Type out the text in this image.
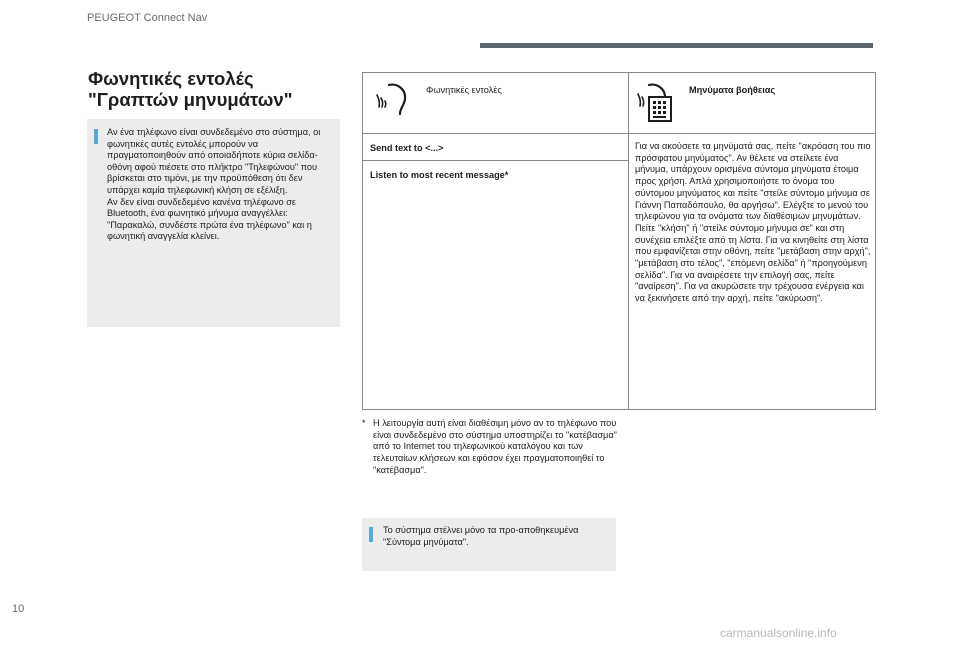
PEUGEOT Connect Nav
Φωνητικές εντολές "Γραπτών μηνυμάτων"
Αν ένα τηλέφωνο είναι συνδεδεμένο στο σύστημα, οι φωνητικές αυτές εντολές μπορούν να πραγματοποιηθούν από οποιαδήποτε κύρια σελίδα-οθόνη αφού πιέσετε στο πλήκτρο "Τηλεφώνου" που βρίσκεται στο τιμόνι, με την προϋπόθεση ότι δεν υπάρχει καμία τηλεφωνική κλήση σε εξέλιξη.
Αν δεν είναι συνδεδεμένο κανένα τηλέφωνο σε Bluetooth, ένα φωνητικό μήνυμα αναγγέλλει: "Παρακαλώ, συνδέστε πρώτα ένα τηλέφωνο" και η φωνητική αναγγελία κλείνει.
Φωνητικές εντολές	Μηνύματα βοήθειας
Send text to <...>
Listen to most recent message*
Για να ακούσετε τα μηνύματά σας, πείτε "ακρόαση του πιο πρόσφατου μηνύματος". Αν θέλετε να στείλετε ένα μήνυμα, υπάρχουν ορισμένα σύντομα μηνύματα έτοιμα προς χρήση. Απλά χρησιμοποιήστε το όνομα του σύντομου μηνύματος και πείτε "στείλε σύντομο μήνυμα σε Γιάννη Παπαδόπουλο, θα αργήσω". Ελέγξτε το μενού του τηλεφώνου για τα ονόματα των διαθέσιμων μηνυμάτων.
Πείτε "κλήση" ή "στείλε σύντομο μήνυμα σε" και στη συνέχεια επιλέξτε από τη λίστα. Για να κινηθείτε στη λίστα που εμφανίζεται στην οθόνη, πείτε "μετάβαση στην αρχή", "μετάβαση στο τέλος", "επόμενη σελίδα" ή "προηγούμενη σελίδα". Για να αναιρέσετε την επιλογή σας, πείτε "αναίρεση". Για να ακυρώσετε την τρέχουσα ενέργεια και να ξεκινήσετε από την αρχή, πείτε "ακύρωση".
* Η λειτουργία αυτή είναι διαθέσιμη μόνο αν το τηλέφωνο που είναι συνδεδεμένο στο σύστημα υποστηρίζει το "κατέβασμα" από το Internet του τηλεφωνικού καταλόγου και των τελευταίων κλήσεων και εφόσον έχει πραγματοποιηθεί το "κατέβασμα".
Το σύστημα στέλνει μόνο τα προ-αποθηκευμένα "Σύντομα μηνύματα".
10
carmanualsonline.info
